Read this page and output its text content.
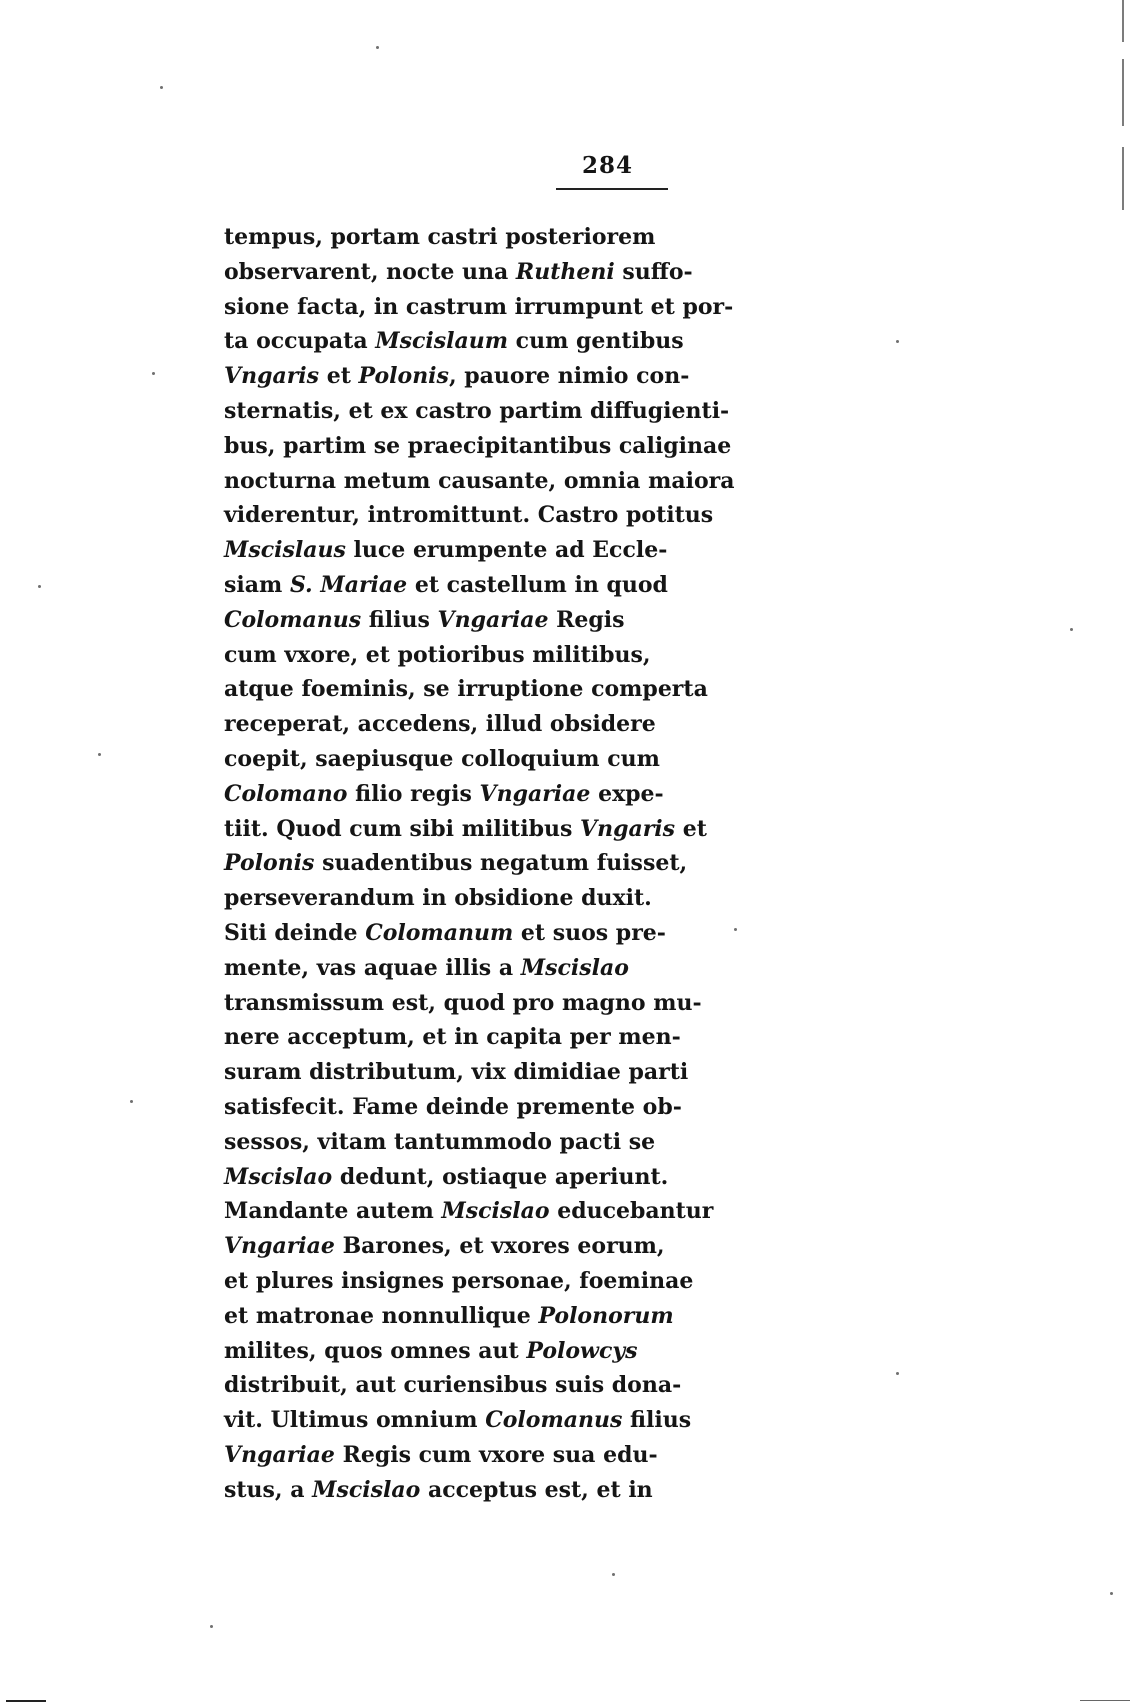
284
tempus, portam castri posteriorem
observarent, nocte una Rutheni suffo-
sione facta, in castrum irrumpunt et por-
ta occupata Mscislaum cum gentibus
Vngaris et Polonis, pauore nimio con-
sternatis, et ex castro partim diffugienti-
bus, partim se praecipitantibus caliginae
nocturna metum causante, omnia maiora
viderentur, intromittunt. Castro potitus
Mscislaus luce erumpente ad Eccle-
siam S. Mariae et castellum in quod
Colomanus filius Vngariae Regis
cum vxore, et potioribus militibus,
atque foeminis, se irruptione comperta
receperat, accedens, illud obsidere
coepit, saepiusque colloquium cum
Colomano filio regis Vngariae expe-
tiit. Quod cum sibi militibus Vngaris et
Polonis suadentibus negatum fuisset,
perseverandum in obsidione duxit.
Siti deinde Colomanum et suos pre-
mente, vas aquae illis a Mscislao
transmissum est, quod pro magno mu-
nere acceptum, et in capita per men-
suram distributum, vix dimidiae parti
satisfecit. Fame deinde premente ob-
sessos, vitam tantummodo pacti se
Mscislao dedunt, ostiaque aperiunt.
Mandante autem Mscislao educebantur
Vngariae Barones, et vxores eorum,
et plures insignes personae, foeminae
et matronae nonnullique Polonorum
milites, quos omnes aut Polowcys
distribuit, aut curiensibus suis dona-
vit. Ultimus omnium Colomanus filius
Vngariae Regis cum vxore sua edu-
stus, a Mscislao acceptus est, et in
